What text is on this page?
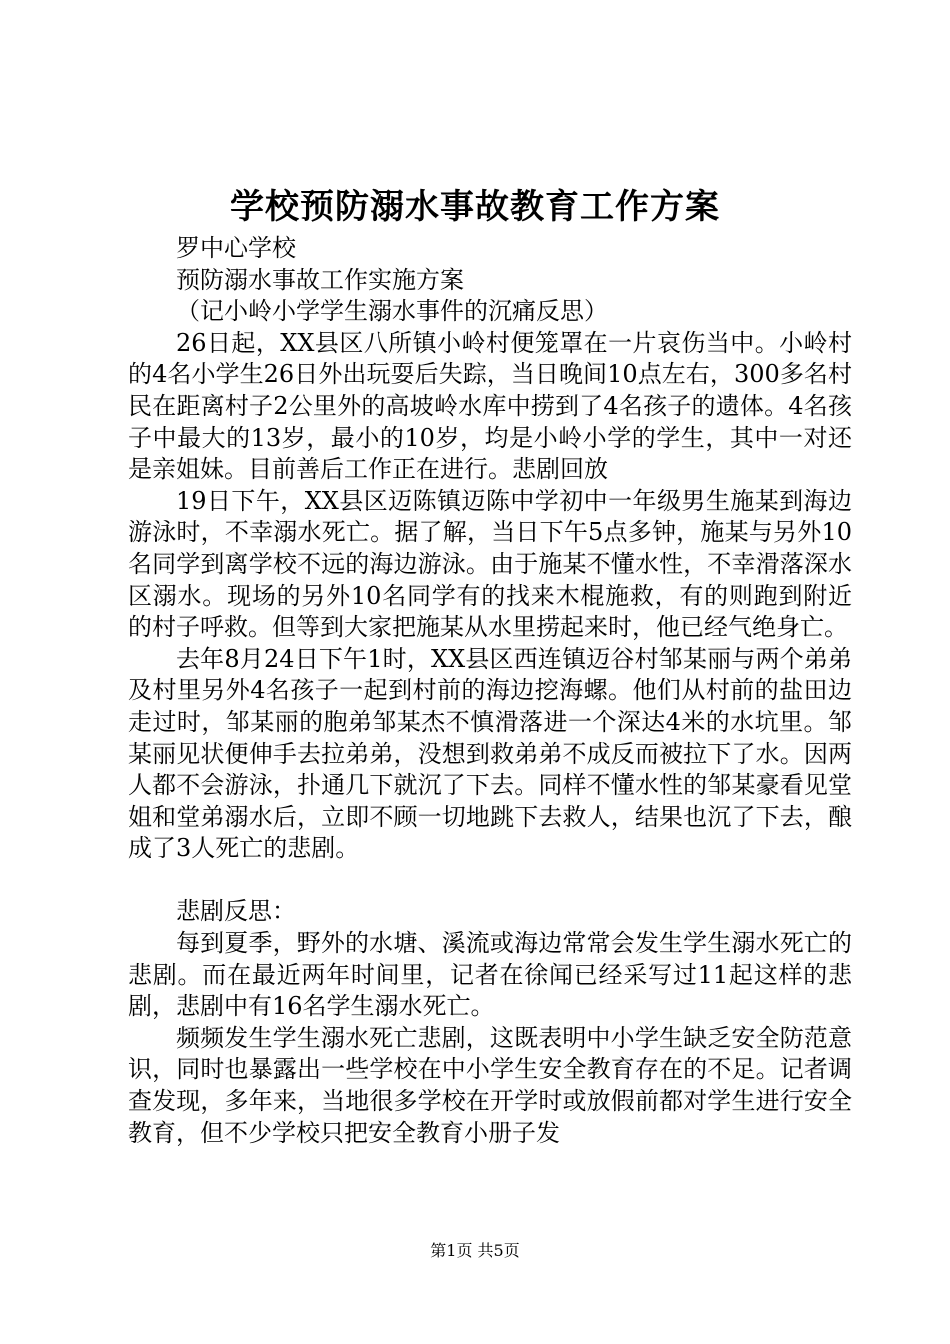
学校预防溺水事故教育工作方案

罗中心学校

预防溺水事故工作实施方案

（记小岭小学学生溺水事件的沉痛反思）

26日起，XX县区八所镇小岭村便笼罩在一片哀伤当中。小岭村的4名小学生26日外出玩耍后失踪，当日晚间10点左右，300多名村民在距离村子2公里外的高坡岭水库中捞到了4名孩子的遗体。4名孩子中最大的13岁，最小的10岁，均是小岭小学的学生，其中一对还是亲姐妹。目前善后工作正在进行。悲剧回放

19日下午，XX县区迈陈镇迈陈中学初中一年级男生施某到海边游泳时，不幸溺水死亡。据了解，当日下午5点多钟，施某与另外10名同学到离学校不远的海边游泳。由于施某不懂水性，不幸滑落深水区溺水。现场的另外10名同学有的找来木棍施救，有的则跑到附近的村子呼救。但等到大家把施某从水里捞起来时，他已经气绝身亡。

去年8月24日下午1时，XX县区西连镇迈谷村邹某丽与两个弟弟及村里另外4名孩子一起到村前的海边挖海螺。他们从村前的盐田边走过时，邹某丽的胞弟邹某杰不慎滑落进一个深达4米的水坑里。邹某丽见状便伸手去拉弟弟，没想到救弟弟不成反而被拉下了水。因两人都不会游泳，扑通几下就沉了下去。同样不懂水性的邹某豪看见堂姐和堂弟溺水后，立即不顾一切地跳下去救人，结果也沉了下去，酿成了3人死亡的悲剧。

悲剧反思：

每到夏季，野外的水塘、溪流或海边常常会发生学生溺水死亡的悲剧。而在最近两年时间里，记者在徐闻已经采写过11起这样的悲剧，悲剧中有16名学生溺水死亡。

频频发生学生溺水死亡悲剧，这既表明中小学生缺乏安全防范意识，同时也暴露出一些学校在中小学生安全教育存在的不足。记者调查发现，多年来，当地很多学校在开学时或放假前都对学生进行安全教育，但不少学校只把安全教育小册子发

第1页 共5页
